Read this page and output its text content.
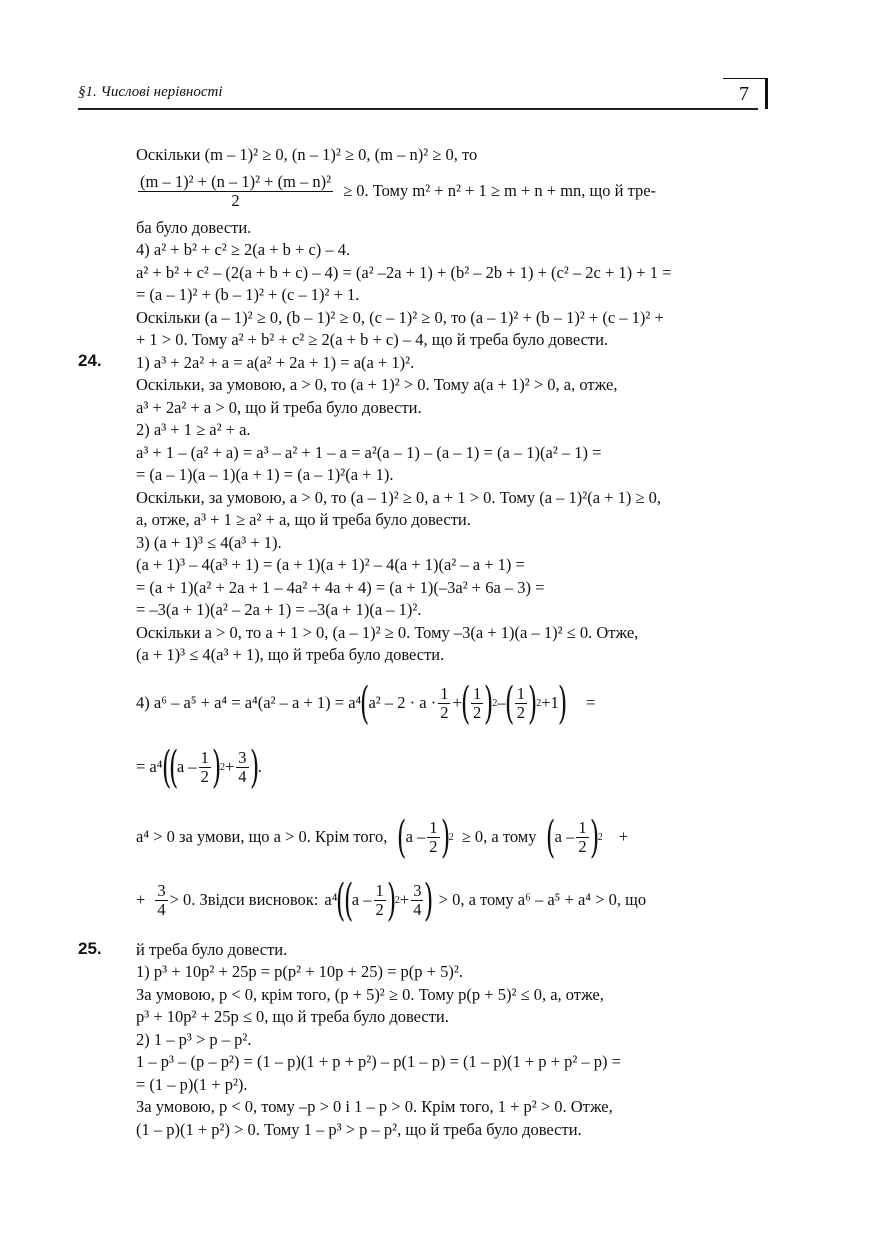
§1. Числові нерівності	7
24.
25.
Оскільки (m – 1)² ≥ 0, (n – 1)² ≥ 0, (m – n)² ≥ 0, то
$\frac{\text{(m – 1)² + (n – 1)² + (m – n)²}}{2} \ge 0$. Тому m² + n² + 1 ≥ m + n + mn, що й тре-
ба було довести.
4) a² + b² + c² ≥ 2(a + b + c) – 4.
a² + b² + c² – (2(a + b + c) – 4) = (a² –2a + 1) + (b² – 2b + 1) + (c² – 2c + 1) + 1 =
= (a – 1)² + (b – 1)² + (c – 1)² + 1.
Оскільки (a – 1)² ≥ 0, (b – 1)² ≥ 0, (c – 1)² ≥ 0, то (a – 1)² + (b – 1)² + (c – 1)² +
+ 1 > 0. Тому a² + b² + c² ≥ 2(a + b + c) – 4, що й треба було довести.
1) a³ + 2a² + a = a(a² + 2a + 1) = a(a + 1)².
Оскільки, за умовою, a > 0, то (a + 1)² > 0. Тому a(a + 1)² > 0, а, отже,
a³ + 2a² + a > 0, що й треба було довести.
2) a³ + 1 ≥ a² + a.
a³ + 1 – (a² + a) = a³ – a² + 1 – a = a²(a – 1) – (a – 1) = (a – 1)(a² – 1) =
= (a – 1)(a – 1)(a + 1) = (a – 1)²(a + 1).
Оскільки, за умовою, a > 0, то (a – 1)² ≥ 0, a + 1 > 0. Тому (a – 1)²(a + 1) ≥ 0,
а, отже, a³ + 1 ≥ a² + a, що й треба було довести.
3) (a + 1)³ ≤ 4(a³ + 1).
(a + 1)³ – 4(a³ + 1) = (a + 1)(a + 1)² – 4(a + 1)(a² – a + 1) =
= (a + 1)(a² + 2a + 1 – 4a² + 4a + 4) = (a + 1)(–3a² + 6a – 3) =
= –3(a + 1)(a² – 2a + 1) = –3(a + 1)(a – 1)².
Оскільки a > 0, то a + 1 > 0, (a – 1)² ≥ 0. Тому –3(a + 1)(a – 1)² ≤ 0. Отже,
(a + 1)³ ≤ 4(a³ + 1), що й треба було довести.
4) a⁶ – a⁵ + a⁴ = a⁴(a² – a + 1) = a⁴
(
$a^2 - 2 \cdot a \cdot \frac{1}{2}$ +
( $\frac{1}{2}$ )
2 –
( $\frac{1}{2}$ )
2 +1
) =
= a⁴
(
(
a – $\frac{1}{2}$ )
$2 + \frac{3}{4}$ )
.
a⁴ > 0 за умови, що a > 0. Крім того, (
a – $\frac{1}{2}$ )
2 ≥ 0, а тому (
a – $\frac{1}{2}$ )
2 +
+ $\frac{3}{4} > 0$. Звідси висновок: a⁴
(
(
a – $\frac{1}{2}$ )
$2 + \frac{3}{4}$ ) > 0, а тому a⁶ – a⁵ + a⁴ > 0, що
й треба було довести.
1) p³ + 10p² + 25p = p(p² + 10p + 25) = p(p + 5)².
За умовою, p < 0, крім того, (p + 5)² ≥ 0. Тому p(p + 5)² ≤ 0, а, отже,
p³ + 10p² + 25p ≤ 0, що й треба було довести.
2) 1 – p³ > p – p².
1 – p³ – (p – p²) = (1 – p)(1 + p + p²) – p(1 – p) = (1 – p)(1 + p + p² – p) =
= (1 – p)(1 + p²).
За умовою, p < 0, тому –p > 0 і 1 – p > 0. Крім того, 1 + p² > 0. Отже,
(1 – p)(1 + p²) > 0. Тому 1 – p³ > p – p², що й треба було довести.
